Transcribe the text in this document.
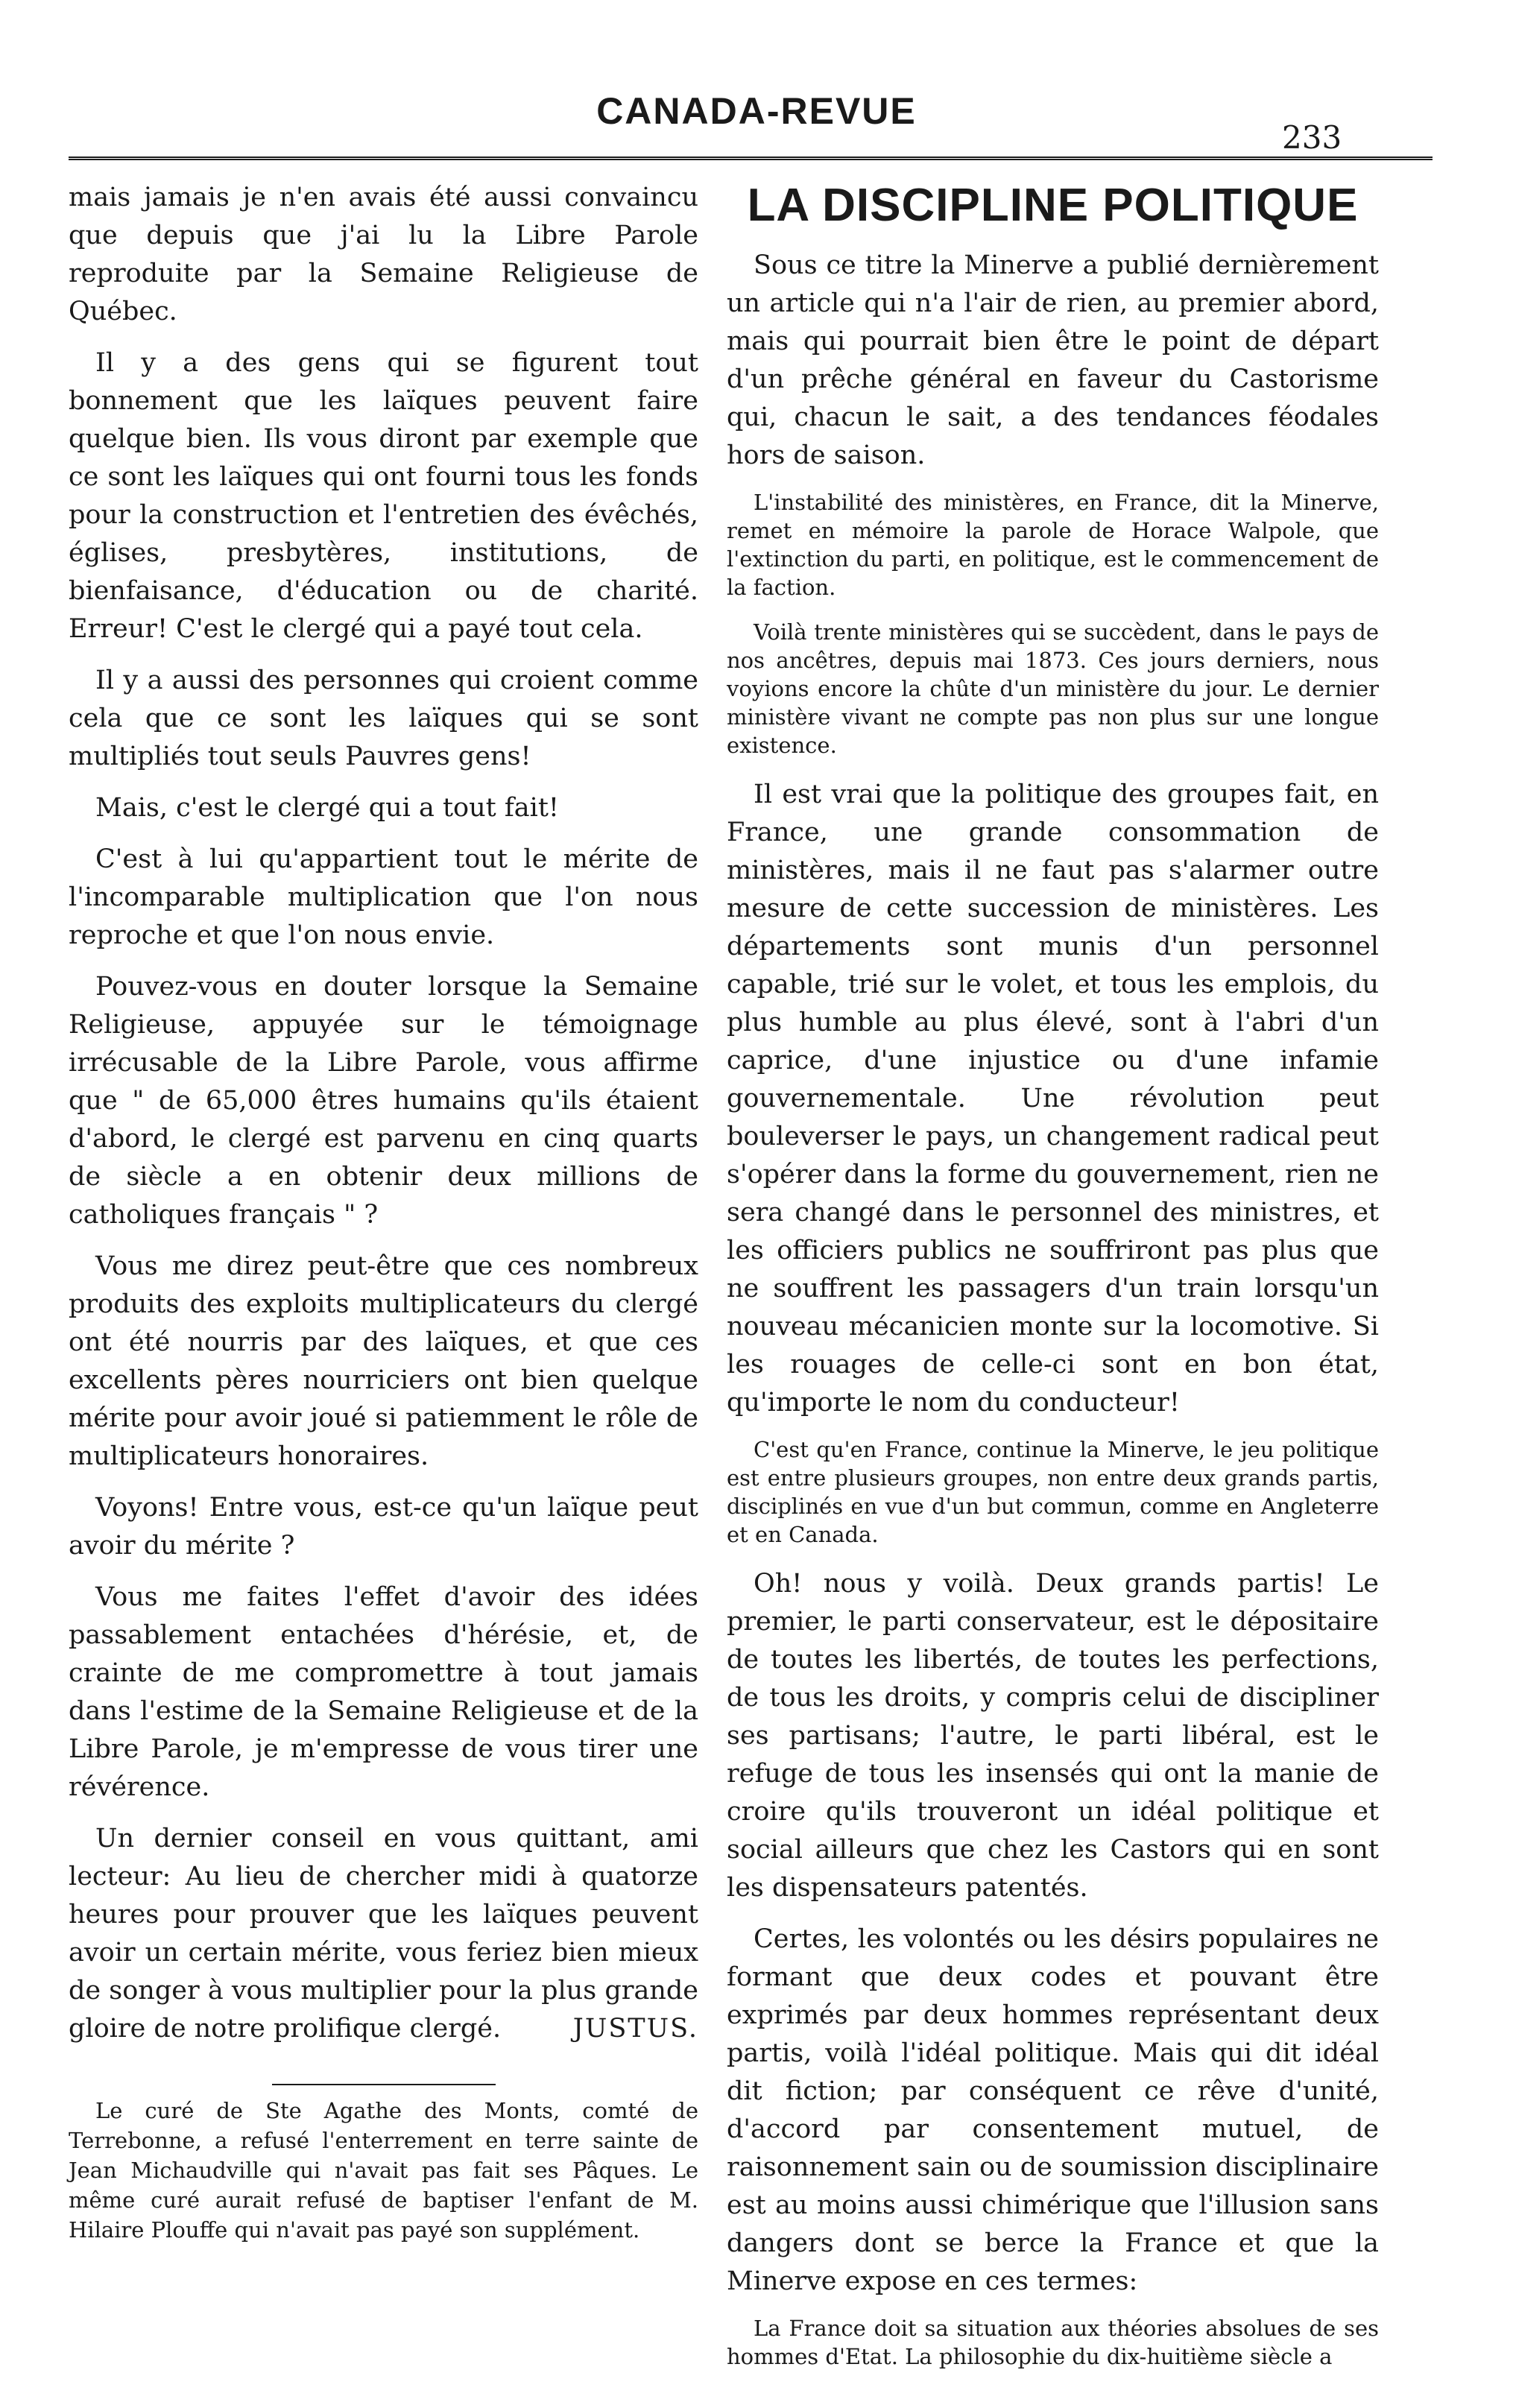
CANADA-REVUE
233

mais jamais je n'en avais été aussi convaincu que depuis que j'ai lu la Libre Parole reproduite par la Semaine Religieuse de Québec.

Il y a des gens qui se figurent tout bonnement que les laïques peuvent faire quelque bien. Ils vous diront par exemple que ce sont les laïques qui ont fourni tous les fonds pour la construction et l'entretien des évêchés, églises, presbytères, institutions, de bienfaisance, d'éducation ou de charité. Erreur! C'est le clergé qui a payé tout cela.

Il y a aussi des personnes qui croient comme cela que ce sont les laïques qui se sont multipliés tout seuls Pauvres gens!

Mais, c'est le clergé qui a tout fait!

C'est à lui qu'appartient tout le mérite de l'incomparable multiplication que l'on nous reproche et que l'on nous envie.

Pouvez-vous en douter lorsque la Semaine Religieuse, appuyée sur le témoignage irrécusable de la Libre Parole, vous affirme que " de 65,000 êtres humains qu'ils étaient d'abord, le clergé est parvenu en cinq quarts de siècle a en obtenir deux millions de catholiques français " ?

Vous me direz peut-être que ces nombreux produits des exploits multiplicateurs du clergé ont été nourris par des laïques, et que ces excellents pères nourriciers ont bien quelque mérite pour avoir joué si patiemment le rôle de multiplicateurs honoraires.

Voyons! Entre vous, est-ce qu'un laïque peut avoir du mérite ?

Vous me faites l'effet d'avoir des idées passablement entachées d'hérésie, et, de crainte de me compromettre à tout jamais dans l'estime de la Semaine Religieuse et de la Libre Parole, je m'empresse de vous tirer une révérence.

Un dernier conseil en vous quittant, ami lecteur: Au lieu de chercher midi à quatorze heures pour prouver que les laïques peuvent avoir un certain mérite, vous feriez bien mieux de songer à vous multiplier pour la plus grande gloire de notre prolifique clergé.	JUSTUS.

Le curé de Ste Agathe des Monts, comté de Terrebonne, a refusé l'enterrement en terre sainte de Jean Michaudville qui n'avait pas fait ses Pâques. Le même curé aurait refusé de baptiser l'enfant de M. Hilaire Plouffe qui n'avait pas payé son supplément.
LA DISCIPLINE POLITIQUE

Sous ce titre la Minerve a publié dernièrement un article qui n'a l'air de rien, au premier abord, mais qui pourrait bien être le point de départ d'un prêche général en faveur du Castorisme qui, chacun le sait, a des tendances féodales hors de saison.

L'instabilité des ministères, en France, dit la Minerve, remet en mémoire la parole de Horace Walpole, que l'extinction du parti, en politique, est le commencement de la faction.

Voilà trente ministères qui se succèdent, dans le pays de nos ancêtres, depuis mai 1873. Ces jours derniers, nous voyions encore la chûte d'un ministère du jour. Le dernier ministère vivant ne compte pas non plus sur une longue existence.

Il est vrai que la politique des groupes fait, en France, une grande consommation de ministères, mais il ne faut pas s'alarmer outre mesure de cette succession de ministères. Les départements sont munis d'un personnel capable, trié sur le volet, et tous les emplois, du plus humble au plus élevé, sont à l'abri d'un caprice, d'une injustice ou d'une infamie gouvernementale. Une révolution peut bouleverser le pays, un changement radical peut s'opérer dans la forme du gouvernement, rien ne sera changé dans le personnel des ministres, et les officiers publics ne souffriront pas plus que ne souffrent les passagers d'un train lorsqu'un nouveau mécanicien monte sur la locomotive. Si les rouages de celle-ci sont en bon état, qu'importe le nom du conducteur!

C'est qu'en France, continue la Minerve, le jeu politique est entre plusieurs groupes, non entre deux grands partis, disciplinés en vue d'un but commun, comme en Angleterre et en Canada.

Oh! nous y voilà. Deux grands partis! Le premier, le parti conservateur, est le dépositaire de toutes les libertés, de toutes les perfections, de tous les droits, y compris celui de discipliner ses partisans; l'autre, le parti libéral, est le refuge de tous les insensés qui ont la manie de croire qu'ils trouveront un idéal politique et social ailleurs que chez les Castors qui en sont les dispensateurs patentés.

Certes, les volontés ou les désirs populaires ne formant que deux codes et pouvant être exprimés par deux hommes représentant deux partis, voilà l'idéal politique. Mais qui dit idéal dit fiction; par conséquent ce rêve d'unité, d'accord par consentement mutuel, de raisonnement sain ou de soumission disciplinaire est au moins aussi chimérique que l'illusion sans dangers dont se berce la France et que la Minerve expose en ces termes:

La France doit sa situation aux théories absolues de ses hommes d'Etat. La philosophie du dix-huitième siècle a
